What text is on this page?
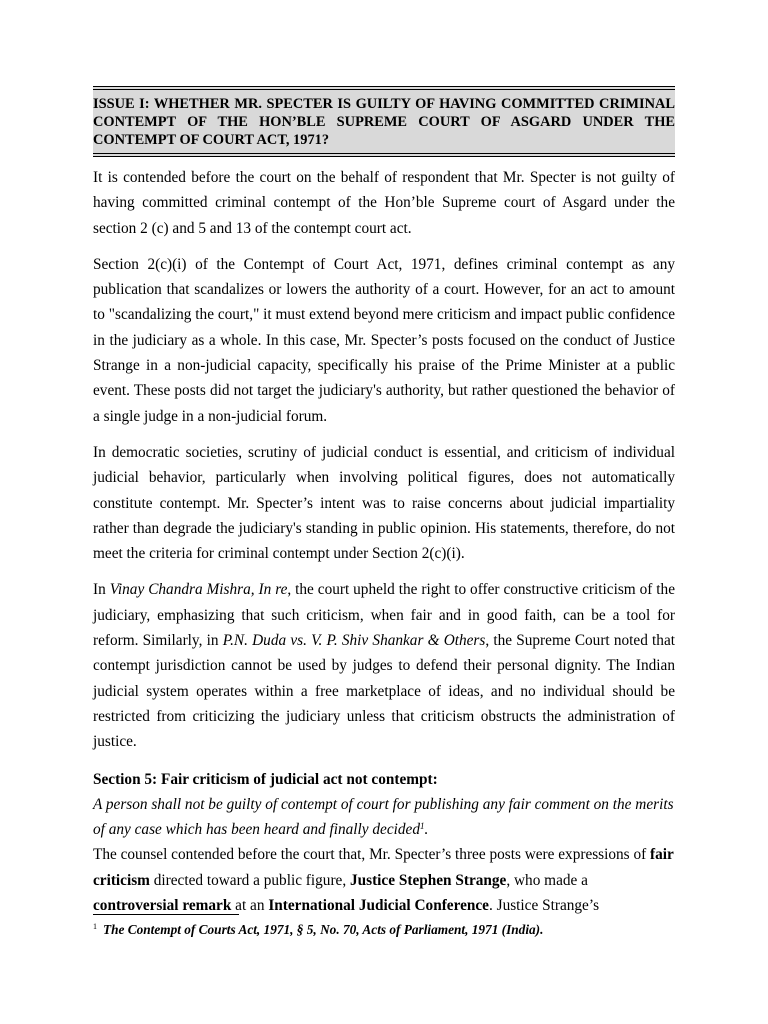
ISSUE I: WHETHER MR. SPECTER IS GUILTY OF HAVING COMMITTED CRIMINAL CONTEMPT OF THE HON’BLE SUPREME COURT OF ASGARD UNDER THE CONTEMPT OF COURT ACT, 1971?

It is contended before the court on the behalf of respondent that Mr. Specter is not guilty of having committed criminal contempt of the Hon’ble Supreme court of Asgard under the section 2 (c) and 5 and 13 of the contempt court act.

Section 2(c)(i) of the Contempt of Court Act, 1971, defines criminal contempt as any publication that scandalizes or lowers the authority of a court. However, for an act to amount to "scandalizing the court," it must extend beyond mere criticism and impact public confidence in the judiciary as a whole. In this case, Mr. Specter’s posts focused on the conduct of Justice Strange in a non-judicial capacity, specifically his praise of the Prime Minister at a public event. These posts did not target the judiciary's authority, but rather questioned the behavior of a single judge in a non-judicial forum.

In democratic societies, scrutiny of judicial conduct is essential, and criticism of individual judicial behavior, particularly when involving political figures, does not automatically constitute contempt. Mr. Specter’s intent was to raise concerns about judicial impartiality rather than degrade the judiciary's standing in public opinion. His statements, therefore, do not meet the criteria for criminal contempt under Section 2(c)(i).

In Vinay Chandra Mishra, In re, the court upheld the right to offer constructive criticism of the judiciary, emphasizing that such criticism, when fair and in good faith, can be a tool for reform. Similarly, in P.N. Duda vs. V. P. Shiv Shankar & Others, the Supreme Court noted that contempt jurisdiction cannot be used by judges to defend their personal dignity. The Indian judicial system operates within a free marketplace of ideas, and no individual should be restricted from criticizing the judiciary unless that criticism obstructs the administration of justice.

Section 5: Fair criticism of judicial act not contempt:

A person shall not be guilty of contempt of court for publishing any fair comment on the merits of any case which has been heard and finally decided$^1$.

The counsel contended before the court that, Mr. Specter’s three posts were expressions of fair criticism directed toward a public figure, Justice Stephen Strange, who made a controversial remark at an International Judicial Conference. Justice Strange’s

$^1$ The Contempt of Courts Act, 1971, § 5, No. 70, Acts of Parliament, 1971 (India).
